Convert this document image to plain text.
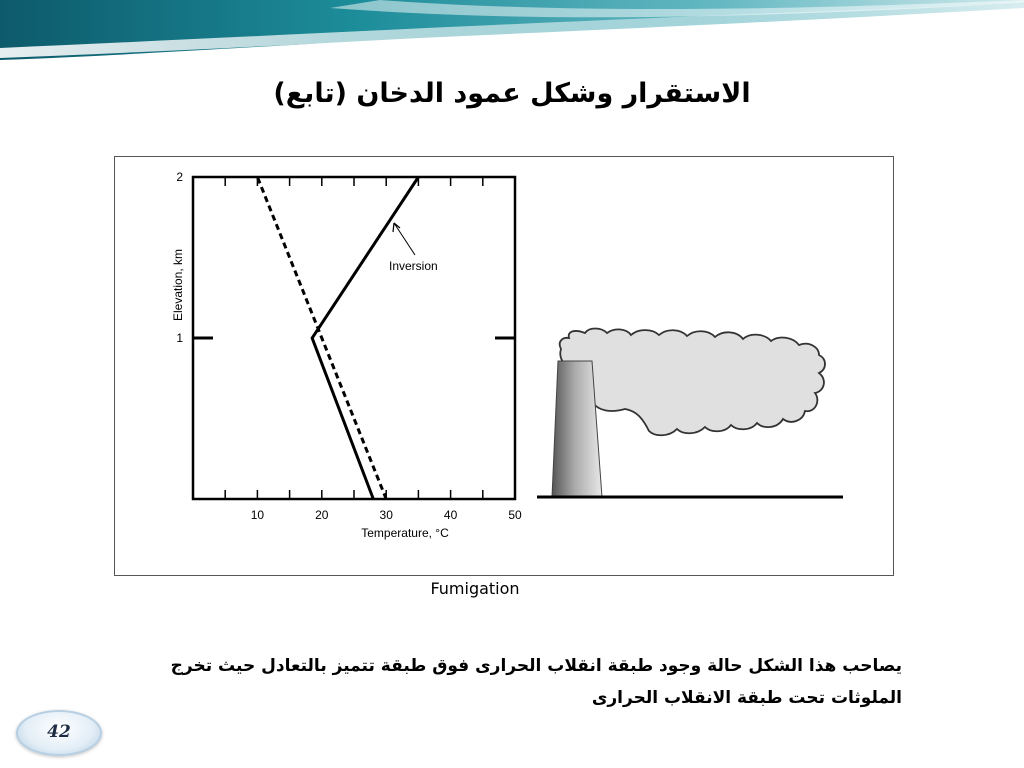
الاستقرار وشكل عمود الدخان (تابع)
10	20	30	40	50
1
2
Elevation, km
Temperature, °C
Inversion
Fumigation
يصاحب هذا الشكل حالة وجود طبقة انقلاب الحرارى فوق طبقة تتميز بالتعادل حيث تخرج
الملوثات تحت طبقة الانقلاب الحرارى
42
